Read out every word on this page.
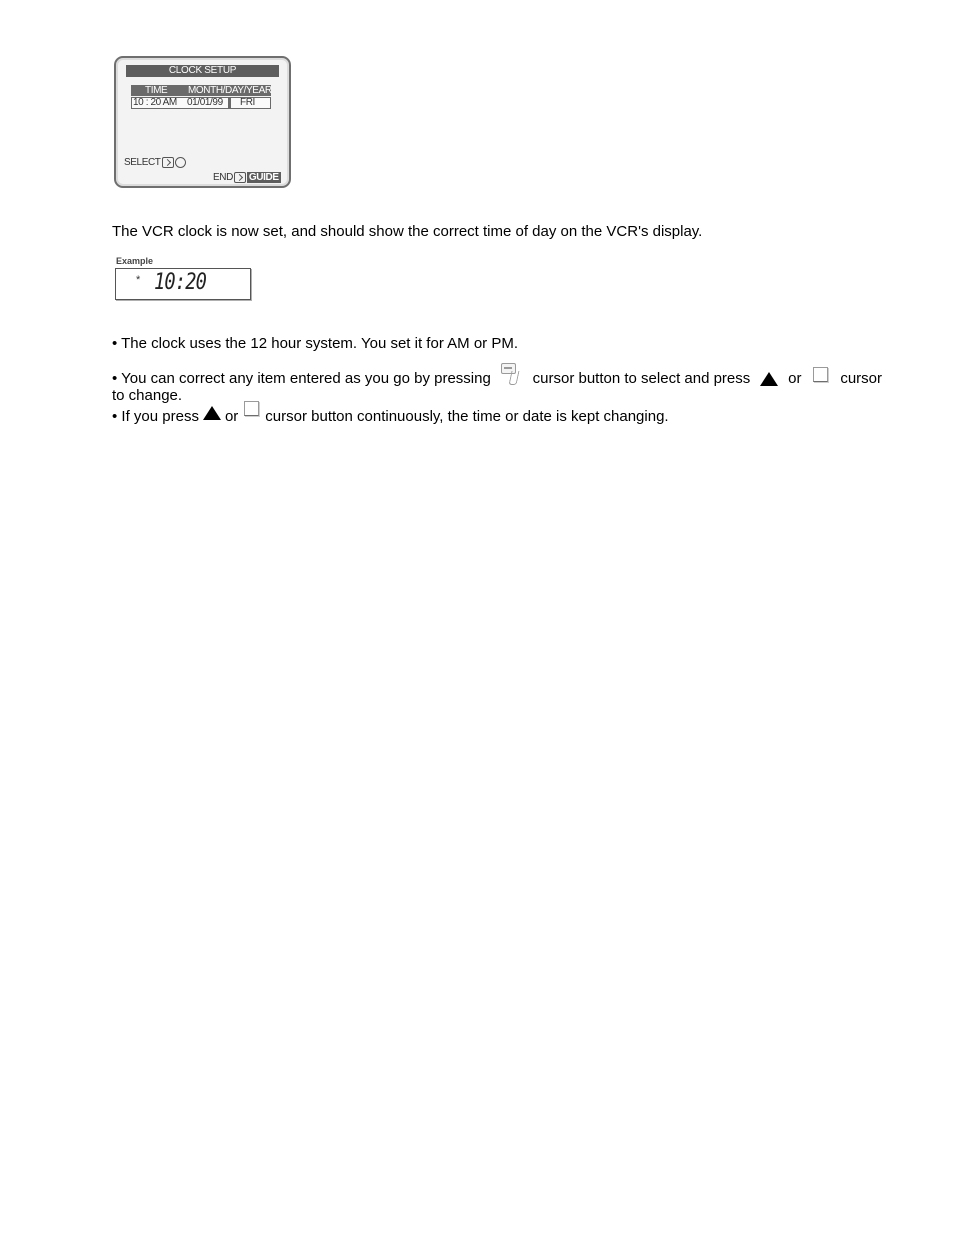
CLOCK SETUP
TIME MONTH/DAY/YEAR
10 : 20 AM 01/01/99 FRI
SELECT
END GUIDE

The VCR clock is now set, and should show the correct time of day on the VCR's display.

Example
* 10:20

• The clock uses the 12 hour system. You set it for AM or PM.

• You can correct any item entered as you go by pressing	cursor button to select and press	or	cursor
to change.

• If you press or cursor button continuously, the time or date is kept changing.
